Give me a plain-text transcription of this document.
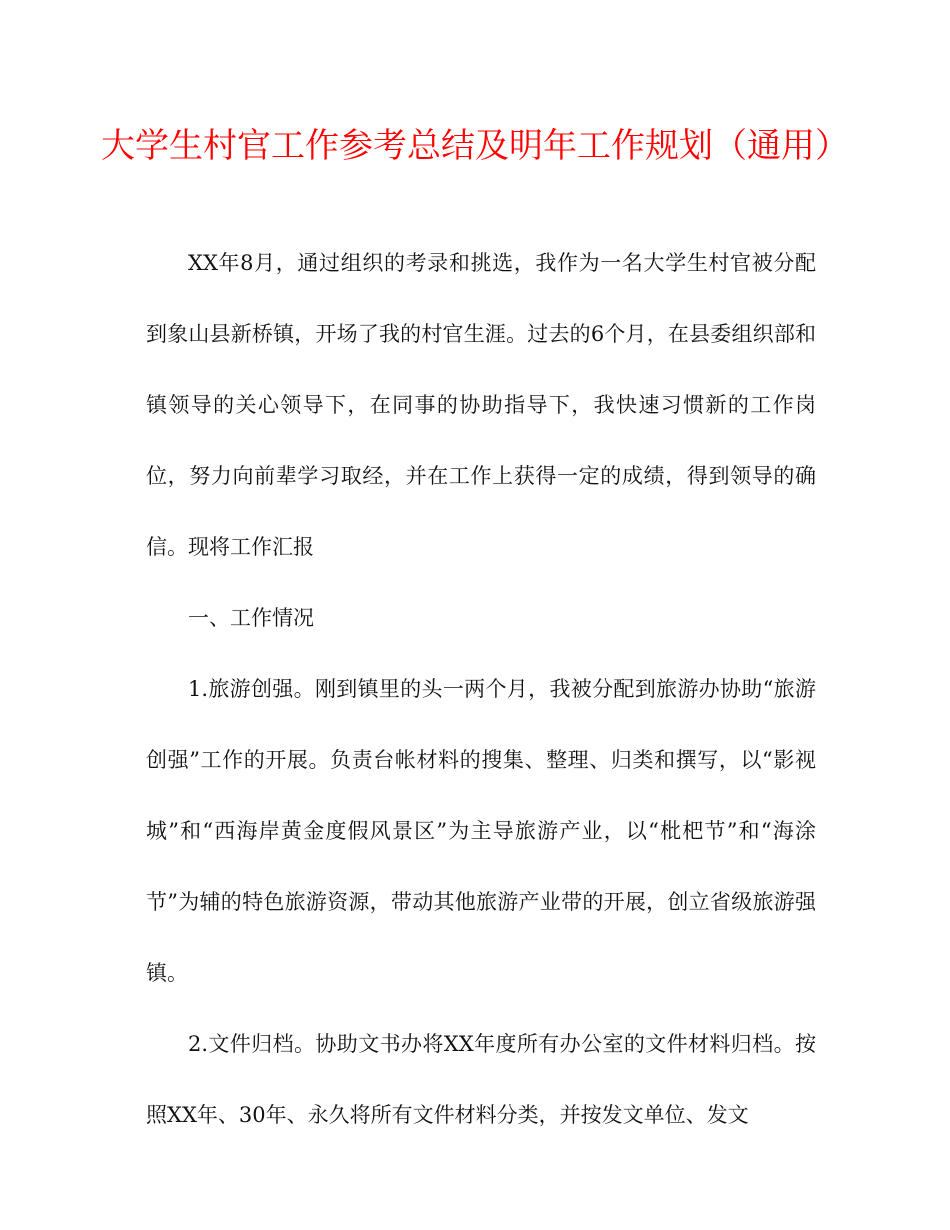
大学生村官工作参考总结及明年工作规划（通用）

XX年8月，通过组织的考录和挑选，我作为一名大学生村官被分配到象山县新桥镇，开场了我的村官生涯。过去的6个月，在县委组织部和镇领导的关心领导下，在同事的协助指导下，我快速习惯新的工作岗位，努力向前辈学习取经，并在工作上获得一定的成绩，得到领导的确信。现将工作汇报

一、工作情况

1.旅游创强。刚到镇里的头一两个月，我被分配到旅游办协助“旅游创强”工作的开展。负责台帐材料的搜集、整理、归类和撰写，以“影视城”和“西海岸黄金度假风景区”为主导旅游产业，以“枇杷节”和“海涂节”为辅的特色旅游资源，带动其他旅游产业带的开展，创立省级旅游强镇。

2.文件归档。协助文书办将XX年度所有办公室的文件材料归档。按照XX年、30年、永久将所有文件材料分类，并按发文单位、发文
